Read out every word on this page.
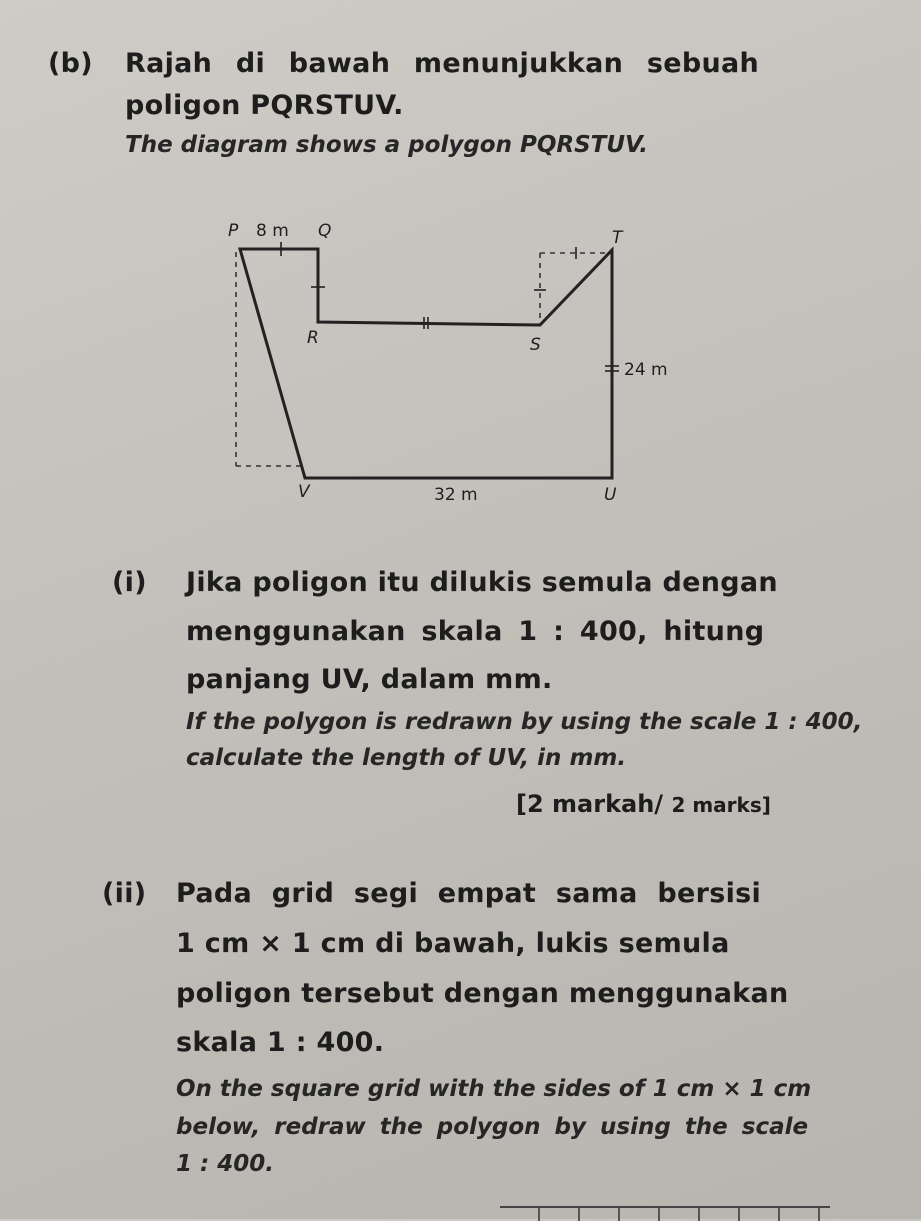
(b) Rajah di bawah menunjukkan sebuah

poligon PQRSTUV.

The diagram shows a polygon PQRSTUV.

P	Q
R	S
T
U
V
8 m
24 m
32 m

(i) Jika poligon itu dilukis semula dengan

menggunakan skala 1 : 400, hitung

panjang UV, dalam mm.

If the polygon is redrawn by using the scale 1 : 400,

calculate the length of UV, in mm.

[2 markah/ 2 marks]

(ii) Pada grid segi empat sama bersisi

1 cm × 1 cm di bawah, lukis semula

poligon tersebut dengan menggunakan

skala 1 : 400.

On the square grid with the sides of 1 cm × 1 cm

below, redraw the polygon by using the scale

1 : 400.
